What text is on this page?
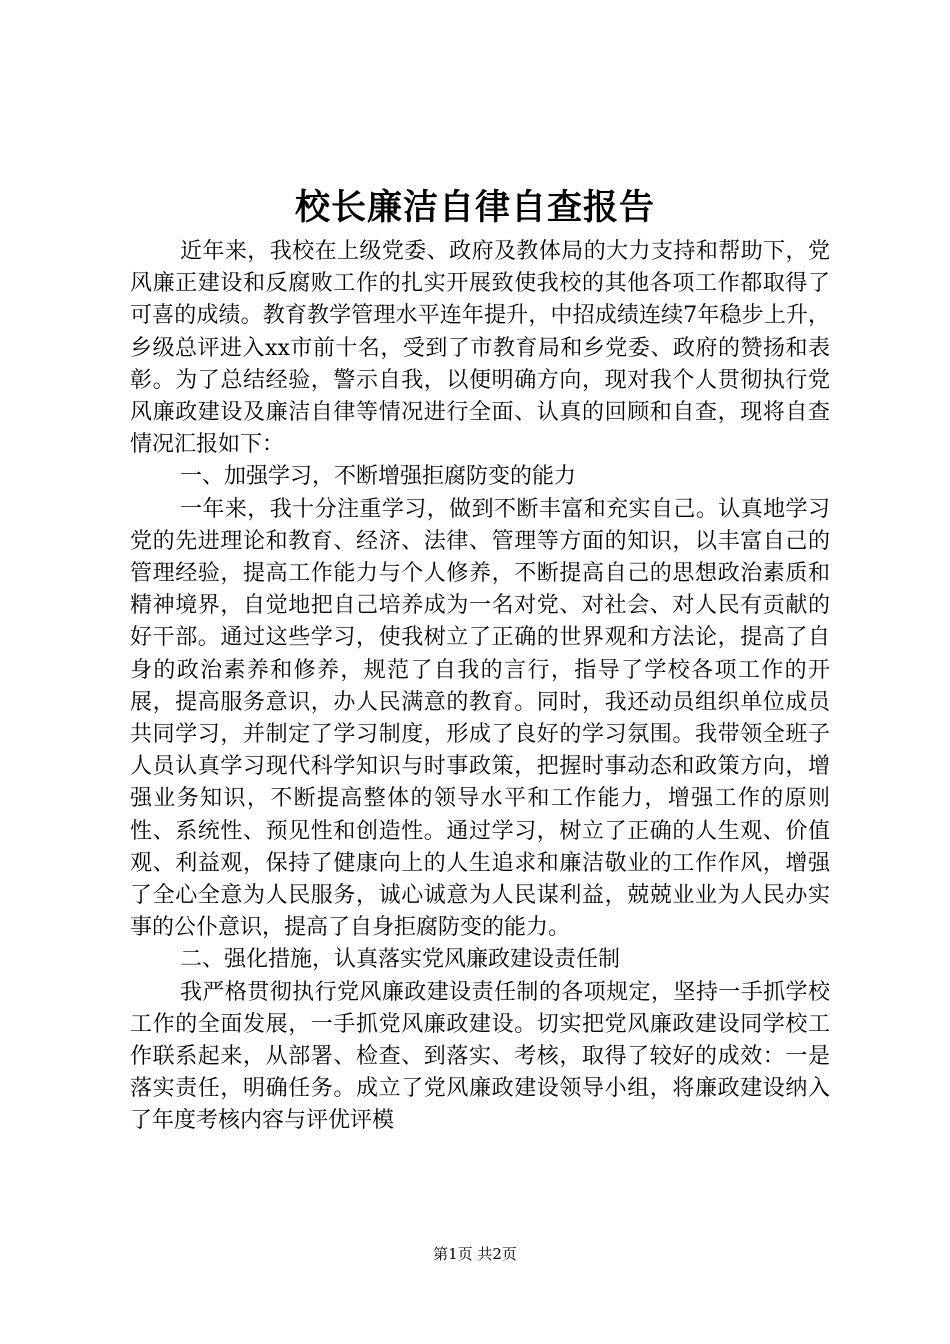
校长廉洁自律自查报告

近年来，我校在上级党委、政府及教体局的大力支持和帮助下，党风廉正建设和反腐败工作的扎实开展致使我校的其他各项工作都取得了可喜的成绩。教育教学管理水平连年提升，中招成绩连续7年稳步上升，乡级总评进入xx市前十名，受到了市教育局和乡党委、政府的赞扬和表彰。为了总结经验，警示自我，以便明确方向，现对我个人贯彻执行党风廉政建设及廉洁自律等情况进行全面、认真的回顾和自查，现将自查情况汇报如下：

一、加强学习，不断增强拒腐防变的能力

一年来，我十分注重学习，做到不断丰富和充实自己。认真地学习党的先进理论和教育、经济、法律、管理等方面的知识，以丰富自己的管理经验，提高工作能力与个人修养，不断提高自己的思想政治素质和精神境界，自觉地把自己培养成为一名对党、对社会、对人民有贡献的好干部。通过这些学习，使我树立了正确的世界观和方法论，提高了自身的政治素养和修养，规范了自我的言行，指导了学校各项工作的开展，提高服务意识，办人民满意的教育。同时，我还动员组织单位成员共同学习，并制定了学习制度，形成了良好的学习氛围。我带领全班子人员认真学习现代科学知识与时事政策，把握时事动态和政策方向，增强业务知识，不断提高整体的领导水平和工作能力，增强工作的原则性、系统性、预见性和创造性。通过学习，树立了正确的人生观、价值观、利益观，保持了健康向上的人生追求和廉洁敬业的工作作风，增强了全心全意为人民服务，诚心诚意为人民谋利益，兢兢业业为人民办实事的公仆意识，提高了自身拒腐防变的能力。

二、强化措施，认真落实党风廉政建设责任制

我严格贯彻执行党风廉政建设责任制的各项规定，坚持一手抓学校工作的全面发展，一手抓党风廉政建设。切实把党风廉政建设同学校工作联系起来，从部署、检查、到落实、考核，取得了较好的成效：一是落实责任，明确任务。成立了党风廉政建设领导小组，将廉政建设纳入了年度考核内容与评优评模

第1页 共2页
